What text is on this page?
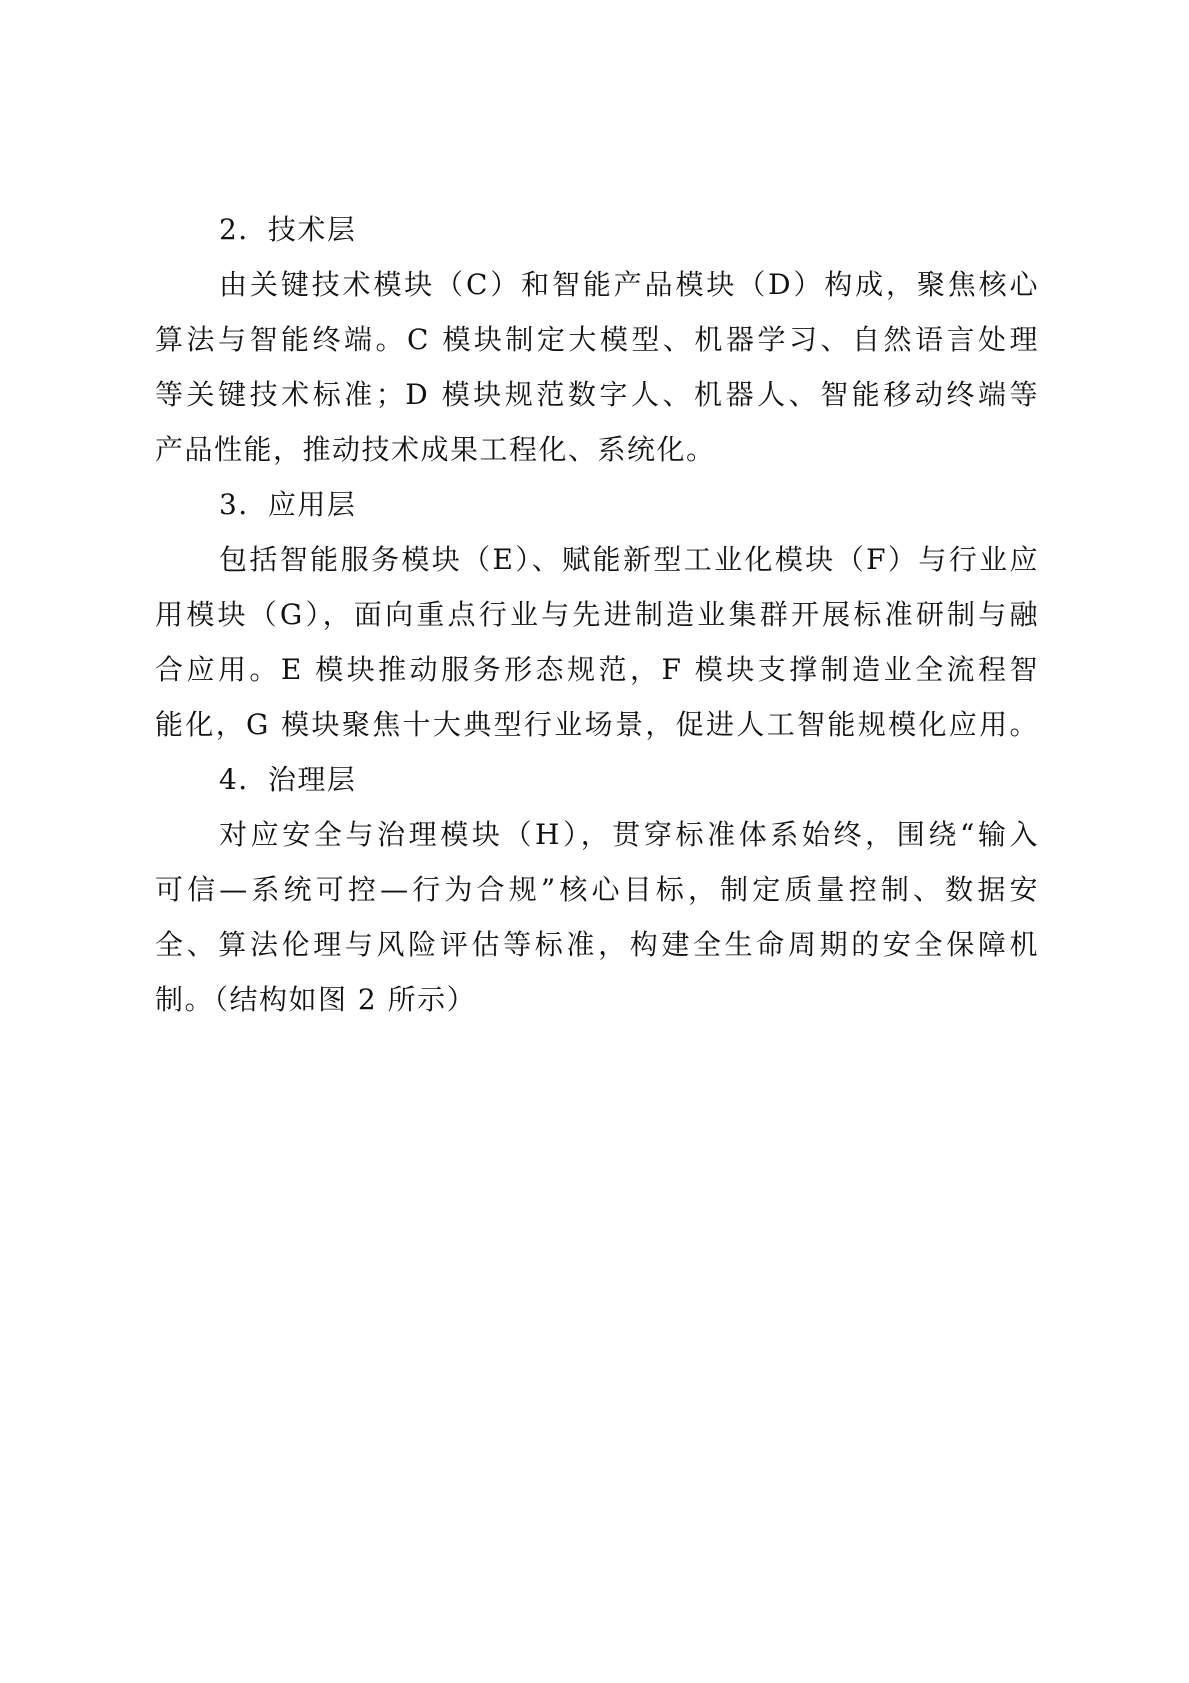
2．技术层
由关键技术模块（C）和智能产品模块（D）构成，聚焦核心
算法与智能终端。C 模块制定大模型、机器学习、自然语言处理
等关键技术标准；D 模块规范数字人、机器人、智能移动终端等
产品性能，推动技术成果工程化、系统化。
3．应用层
包括智能服务模块（E）、赋能新型工业化模块（F）与行业应
用模块（G），面向重点行业与先进制造业集群开展标准研制与融
合应用。E 模块推动服务形态规范，F 模块支撑制造业全流程智
能化，G 模块聚焦十大典型行业场景，促进人工智能规模化应用。
4．治理层
对应安全与治理模块（H），贯穿标准体系始终，围绕“输入
可信—系统可控—行为合规”核心目标，制定质量控制、数据安
全、算法伦理与风险评估等标准，构建全生命周期的安全保障机
制。（结构如图 2 所示）
